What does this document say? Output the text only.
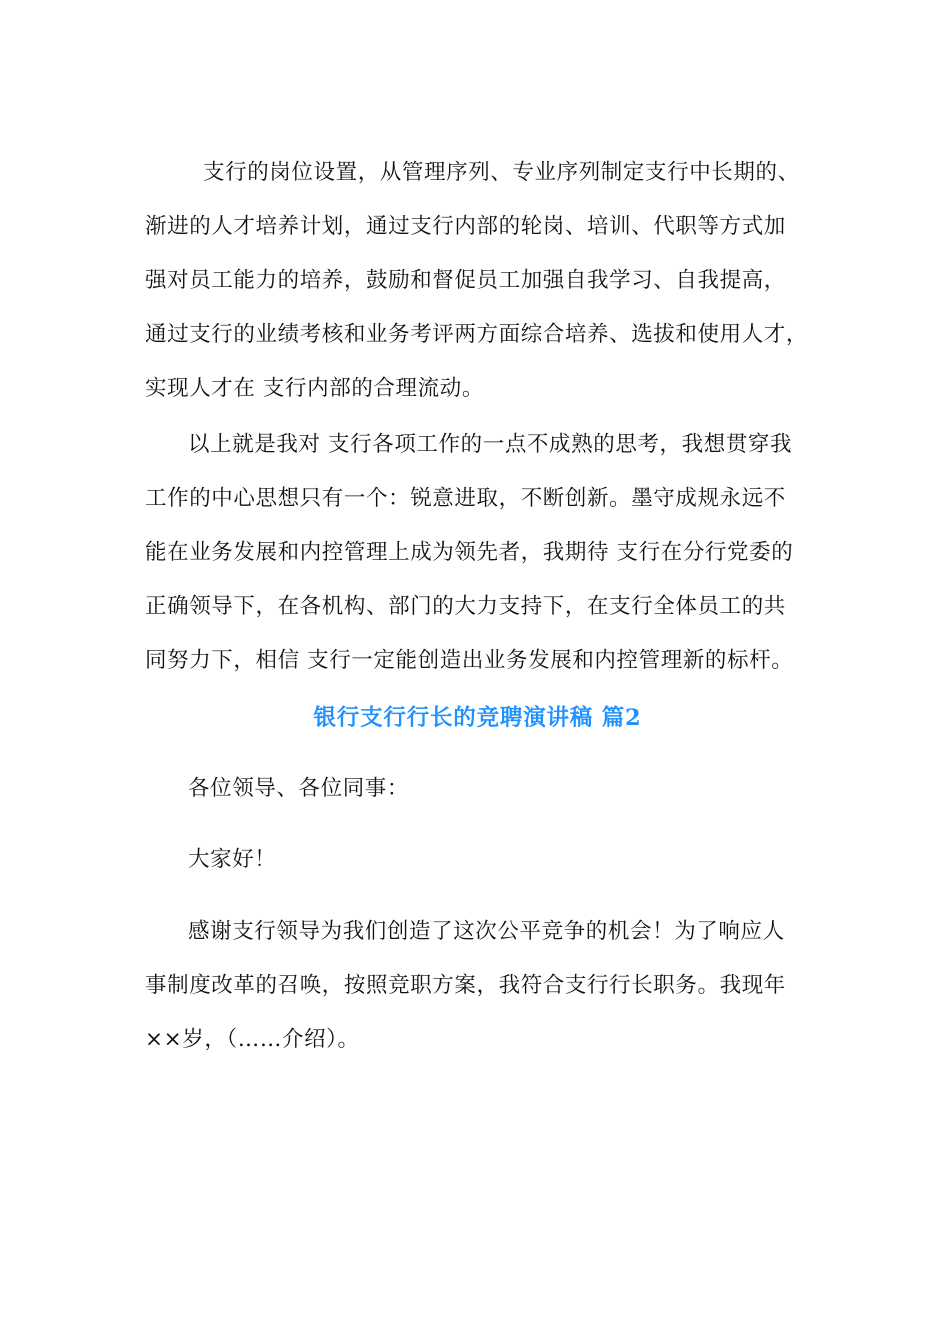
支行的岗位设置，从管理序列、专业序列制定支行中长期的、
渐进的人才培养计划，通过支行内部的轮岗、培训、代职等方式加
强对员工能力的培养，鼓励和督促员工加强自我学习、自我提高，
通过支行的业绩考核和业务考评两方面综合培养、选拔和使用人才，
实现人才在 支行内部的合理流动。
以上就是我对 支行各项工作的一点不成熟的思考，我想贯穿我
工作的中心思想只有一个：锐意进取，不断创新。墨守成规永远不
能在业务发展和内控管理上成为领先者，我期待 支行在分行党委的
正确领导下，在各机构、部门的大力支持下，在支行全体员工的共
同努力下，相信 支行一定能创造出业务发展和内控管理新的标杆。
银行支行行长的竞聘演讲稿 篇2
各位领导、各位同事：
大家好！
感谢支行领导为我们创造了这次公平竞争的机会！为了响应人
事制度改革的召唤，按照竞职方案，我符合支行行长职务。我现年
××岁，（……介绍）。
